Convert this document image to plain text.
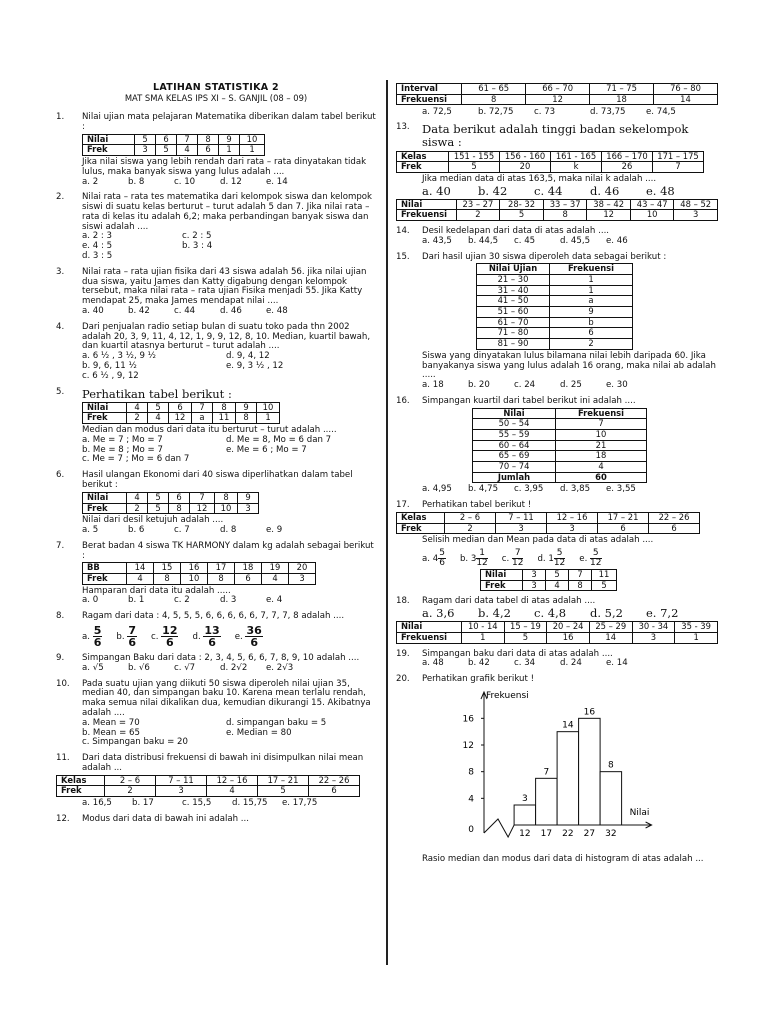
LATIHAN STATISTIKA 2
MAT SMA KELAS IPS XI – S. GANJIL (08 – 09)
1. Nilai ujian mata pelajaran Matematika diberikan dalam tabel berikut :
Nilai	5	6	7	8	9	10
Frek	3	5	4	6	1	1
Jika nilai siswa yang lebih rendah dari rata – rata dinyatakan tidak lulus, maka banyak siswa yang lulus adalah ....
a. 2	b. 8	c. 10	d. 12	e. 14
2. Nilai rata – rata tes matematika dari kelompok siswa dan kelompok siswi di suatu kelas berturut – turut adalah 5 dan 7. Jika nilai rata – rata di kelas itu adalah 6,2; maka perbandingan banyak siswa dan siswi adalah ....
a. 2 : 3	c. 2 : 5
e. 4 : 5	b. 3 : 4
d. 3 : 5
3. Nilai rata – rata ujian fisika dari 43 siswa adalah 56. jika nilai ujian dua siswa, yaitu James dan Katty digabung dengan kelompok tersebut, maka nilai rata – rata ujian Fisika menjadi 55. Jika Katty mendapat 25, maka James mendapat nilai ....
a. 40	b. 42	c. 44	d. 46	e. 48
4. Dari penjualan radio setiap bulan di suatu toko pada thn 2002 adalah 20, 3, 9, 11, 4, 12, 1, 9, 9, 12, 8, 10. Median, kuartil bawah, dan kuartil atasnya berturut – turut adalah ....
a. 6 ½ , 3 ½, 9 ½	d. 9, 4, 12
b. 9, 6, 11 ½	e. 9, 3 ½ , 12
c. 6 ½ , 9, 12
5. Perhatikan tabel berikut :
Nilai	4	5	6	7	8	9	10
Frek	2	4	12	a	11	8	1
Median dan modus dari data itu berturut – turut adalah .....
a. Me = 7 ; Mo = 7	d. Me = 8, Mo = 6 dan 7
b. Me = 8 ; Mo = 7	e. Me = 6 ; Mo = 7
c. Me = 7 ; Mo = 6 dan 7
6. Hasil ulangan Ekonomi dari 40 siswa diperlihatkan dalam tabel berikut :
Nilai	4	5	6	7	8	9
Frek	2	5	8	12	10	3
Nilai dari desil ketujuh adalah ....
a. 5	b. 6	c. 7	d. 8	e. 9
7. Berat badan 4 siswa TK HARMONY dalam kg adalah sebagai berikut :
BB	14	15	16	17	18	19	20
Frek	4	8	10	8	6	4	3
Hamparan dari data itu adalah .....
a. 0	b. 1	c. 2	d. 3	e. 4
8. Ragam dari data : 4, 5, 5, 5, 6, 6, 6, 6, 6, 7, 7, 7, 8 adalah ....
a. $\frac{5}{6} b$. $\frac{7}{6} c$. $\frac{12}{6} d$. $\frac{13}{6} e$. $\frac{36}{6}$
9. Simpangan Baku dari data : 2, 3, 4, 5, 6, 6, 7, 8, 9, 10 adalah ....
a. √5	b. √6	c. √7	d. 2√2	e. 2√3
10. Pada suatu ujian yang diikuti 50 siswa diperoleh nilai ujian 35, median 40, dan simpangan baku 10. Karena mean terlalu rendah, maka semua nilai dikalikan dua, kemudian dikurangi 15. Akibatnya adalah ....
a. Mean = 70	d. simpangan baku = 5
b. Mean = 65	e. Median = 80
c. Simpangan baku = 20
11. Dari data distribusi frekuensi di bawah ini disimpulkan nilai mean adalah ...
Kelas	2 – 6	7 – 11	12 – 16	17 – 21	22 – 26
Frek	2	3	4	5	6
a. 16,5	b. 17	c. 15,5	d. 15,75	e. 17,75
12. Modus dari data di bawah ini adalah ...
Interval	61 – 65	66 – 70	71 – 75	76 – 80
Frekuensi	8	12	18	14
a. 72,5	b. 72,75	c. 73	d. 73,75	e. 74,5
13. Data berikut adalah tinggi badan sekelompok siswa :
Kelas	151 - 155	156 - 160	161 - 165	166 – 170	171 – 175
Frek	5	20	k	26	7
Jika median data di atas 163,5, maka nilai k adalah ....
a. 40	b. 42	c. 44	d. 46	e. 48
Nilai	23 – 27	28- 32	33 – 37	38 – 42	43 – 47	48 – 52
Frekuensi	2	5	8	12	10	3
14. Desil kedelapan dari data di atas adalah ....
a. 43,5	b. 44,5	c. 45	d. 45,5	e. 46
15. Dari hasil ujian 30 siswa diperoleh data sebagai berikut :
Nilai Ujian	Frekuensi
21 – 30	1
31 – 40	1
41 – 50	a
51 – 60	9
61 – 70	b
71 – 80	6
81 – 90	2
Siswa yang dinyatakan lulus bilamana nilai lebih daripada 60. Jika banyakanya siswa yang lulus adalah 16 orang, maka nilai ab adalah .....
a. 18	b. 20	c. 24	d. 25	e. 30
16. Simpangan kuartil dari tabel berikut ini adalah ....
Nilai	Frekuensi
50 – 54	7
55 – 59	10
60 – 64	21
65 – 69	18
70 – 74	4
Jumlah	60
a. 4,95	b. 4,75	c. 3,95	d. 3,85	e. 3,55
17. Perhatikan tabel berikut !
Kelas	2 – 6	7 – 11	12 – 16	17 – 21	22 – 26
Frek	2	3	3	6	6
Selisih median dan Mean pada data di atas adalah ....
a. $4 \frac{5}{6} b$. $3 \frac{1}{12} c$. $\frac{7}{12} d$. $1 \frac{5}{12} e$. $\frac{5}{12}$
Nilai	3	5	7	11
Frek	3	4	8	5
18. Ragam dari data tabel di atas adalah ....
a. 3,6	b. 4,2	c. 4,8	d. 5,2	e. 7,2
Nilai	10 - 14	15 – 19	20 – 24	25 – 29	30 - 34	35 - 39
Frekuensi	1	5	16	14	3	1
19. Simpangan baku dari data di atas adalah ....
a. 48	b. 42	c. 34	d. 24	e. 14
20. Perhatikan grafik berikut !
Frekuensi
Nilai
0
4
8
12
16
3
12
7
17
14
22
16
27
8
32
Rasio median dan modus dari data di histogram di atas adalah ...
